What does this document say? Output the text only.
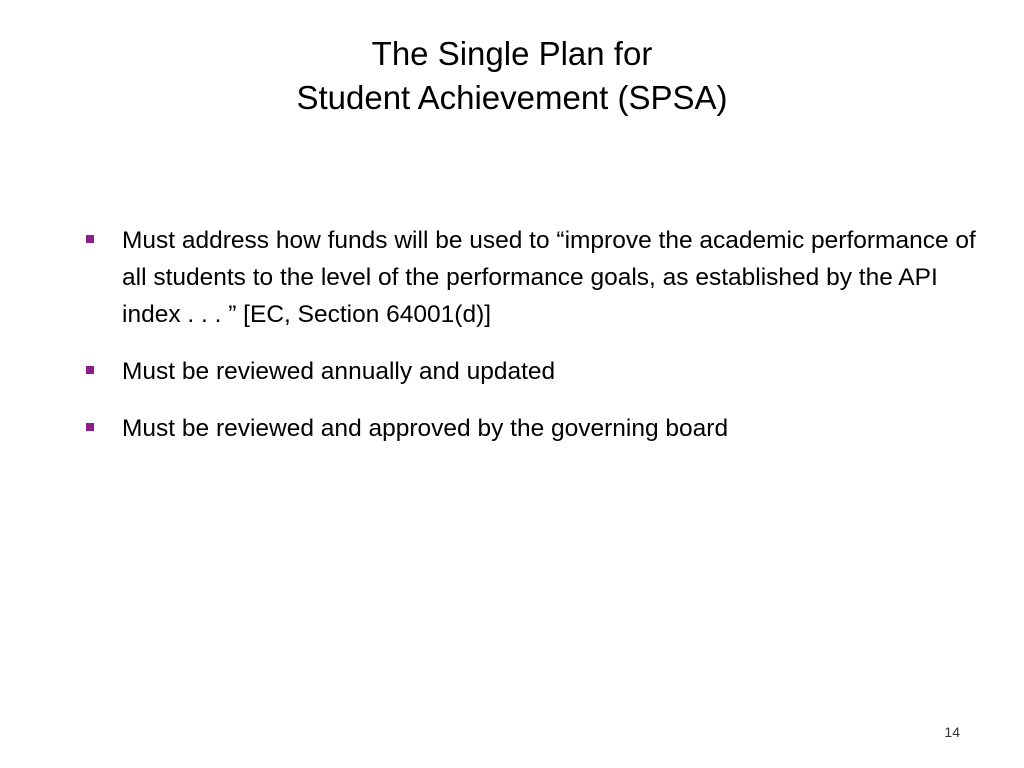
The Single Plan for
Student Achievement (SPSA)
Must address how funds will be used to “improve the academic performance of all students to the level of the performance goals, as established by the API index . . . ” [EC, Section 64001(d)]
Must be reviewed annually and updated
Must be reviewed and approved by the governing board
14
